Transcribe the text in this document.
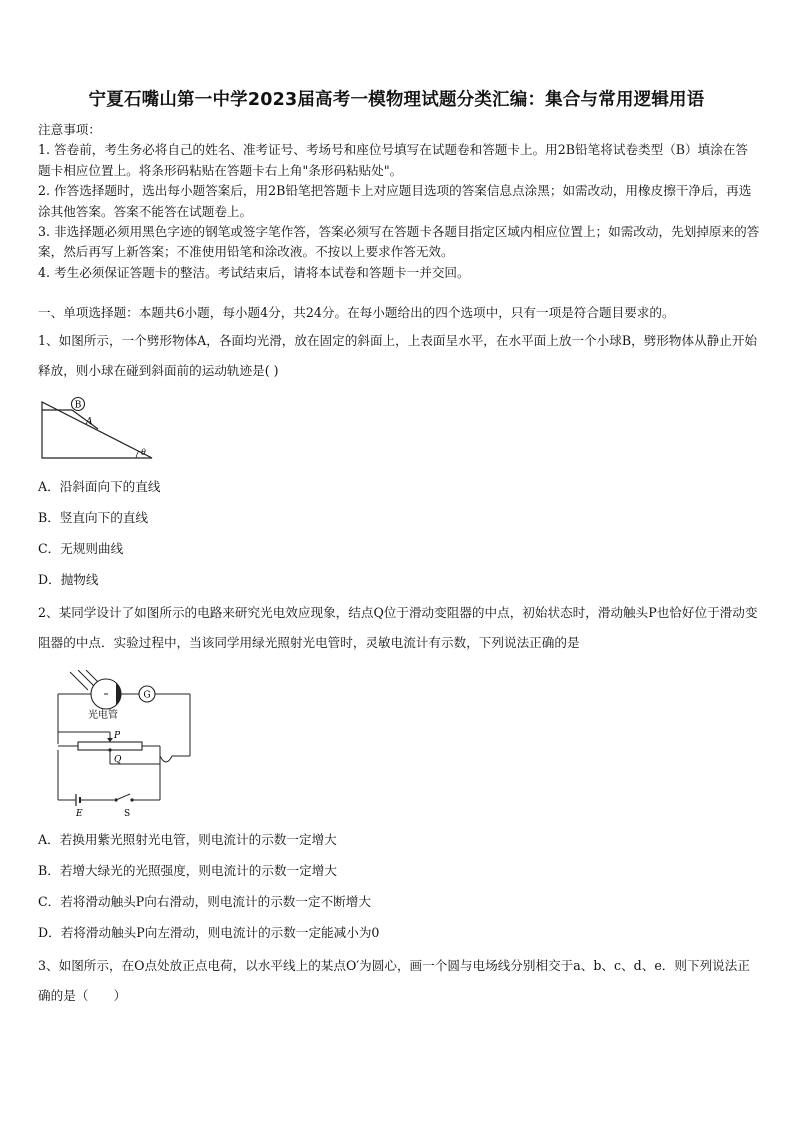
宁夏石嘴山第一中学2023届高考一模物理试题分类汇编：集合与常用逻辑用语
注意事项：
1. 答卷前，考生务必将自己的姓名、准考证号、考场号和座位号填写在试题卷和答题卡上。用2B铅笔将试卷类型（B）填涂在答题卡相应位置上。将条形码粘贴在答题卡右上角"条形码粘贴处"。
2. 作答选择题时，选出每小题答案后，用2B铅笔把答题卡上对应题目选项的答案信息点涂黑；如需改动，用橡皮擦干净后，再选涂其他答案。答案不能答在试题卷上。
3. 非选择题必须用黑色字迹的钢笔或签字笔作答，答案必须写在答题卡各题目指定区域内相应位置上；如需改动，先划掉原来的答案，然后再写上新答案；不准使用铅笔和涂改液。不按以上要求作答无效。
4. 考生必须保证答题卡的整洁。考试结束后，请将本试卷和答题卡一并交回。
一、单项选择题：本题共6小题，每小题4分，共24分。在每小题给出的四个选项中，只有一项是符合题目要求的。
1、如图所示，一个劈形物体A，各面均光滑，放在固定的斜面上，上表面呈水平，在水平面上放一个小球B，劈形物体从静止开始释放，则小球在碰到斜面前的运动轨迹是( )
B
A
θ
A．沿斜面向下的直线
B．竖直向下的直线
C．无规则曲线
D．抛物线
2、某同学设计了如图所示的电路来研究光电效应现象，结点Q位于滑动变阻器的中点，初始状态时，滑动触头P也恰好位于滑动变阻器的中点．实验过程中，当该同学用绿光照射光电管时，灵敏电流计有示数，下列说法正确的是
光电管
G
P
Q
E	S
A．若换用紫光照射光电管，则电流计的示数一定增大
B．若增大绿光的光照强度，则电流计的示数一定增大
C．若将滑动触头P向右滑动，则电流计的示数一定不断增大
D．若将滑动触头P向左滑动，则电流计的示数一定能减小为0
3、如图所示，在O点处放正点电荷，以水平线上的某点O′为圆心，画一个圆与电场线分别相交于a、b、c、d、e．则下列说法正确的是（　　）
